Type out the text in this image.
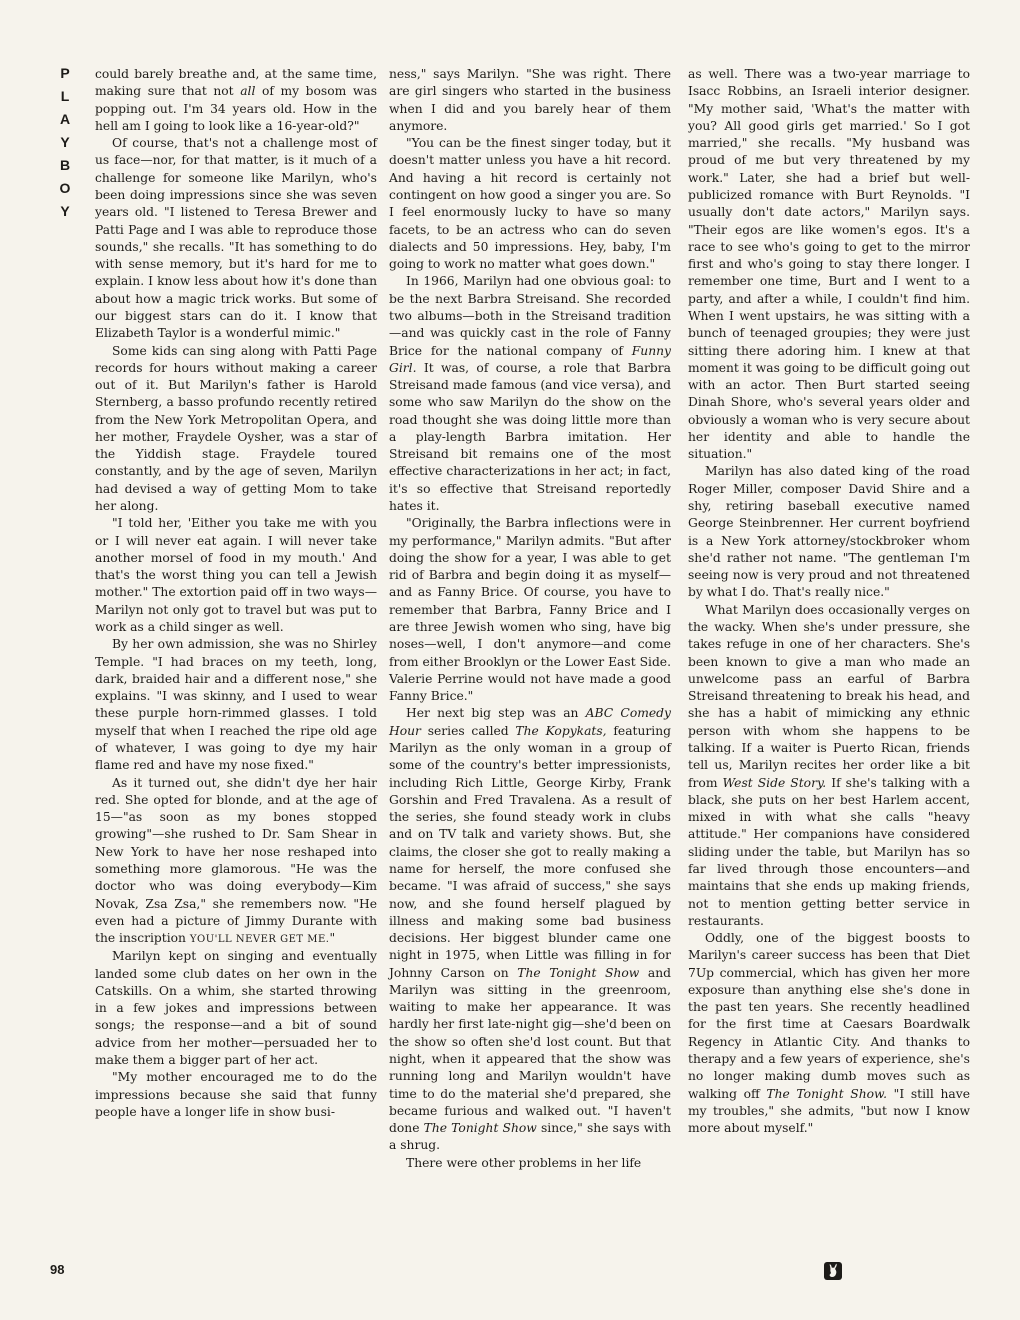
P
L
A
Y
B
O
Y

could barely breathe and, at the same time, making sure that not all of my bosom was popping out. I'm 34 years old. How in the hell am I going to look like a 16-year-old?"

Of course, that's not a challenge most of us face—nor, for that matter, is it much of a challenge for someone like Marilyn, who's been doing impressions since she was seven years old. "I listened to Teresa Brewer and Patti Page and I was able to reproduce those sounds," she recalls. "It has something to do with sense memory, but it's hard for me to explain. I know less about how it's done than about how a magic trick works. But some of our biggest stars can do it. I know that Elizabeth Taylor is a wonderful mimic."

Some kids can sing along with Patti Page records for hours without making a career out of it. But Marilyn's father is Harold Sternberg, a basso profundo recently retired from the New York Metropolitan Opera, and her mother, Fraydele Oysher, was a star of the Yiddish stage. Fraydele toured constantly, and by the age of seven, Marilyn had devised a way of getting Mom to take her along.

"I told her, 'Either you take me with you or I will never eat again. I will never take another morsel of food in my mouth.' And that's the worst thing you can tell a Jewish mother." The extortion paid off in two ways—Marilyn not only got to travel but was put to work as a child singer as well.

By her own admission, she was no Shirley Temple. "I had braces on my teeth, long, dark, braided hair and a different nose," she explains. "I was skinny, and I used to wear these purple horn-rimmed glasses. I told myself that when I reached the ripe old age of whatever, I was going to dye my hair flame red and have my nose fixed."

As it turned out, she didn't dye her hair red. She opted for blonde, and at the age of 15—"as soon as my bones stopped growing"—she rushed to Dr. Sam Shear in New York to have her nose reshaped into something more glamorous. "He was the doctor who was doing everybody—Kim Novak, Zsa Zsa," she remembers now. "He even had a picture of Jimmy Durante with the inscription YOU'LL NEVER GET ME."

Marilyn kept on singing and eventually landed some club dates on her own in the Catskills. On a whim, she started throwing in a few jokes and impressions between songs; the response—and a bit of sound advice from her mother—persuaded her to make them a bigger part of her act.

"My mother encouraged me to do the impressions because she said that funny people have a longer life in show busi-

ness," says Marilyn. "She was right. There are girl singers who started in the business when I did and you barely hear of them anymore.

"You can be the finest singer today, but it doesn't matter unless you have a hit record. And having a hit record is certainly not contingent on how good a singer you are. So I feel enormously lucky to have so many facets, to be an actress who can do seven dialects and 50 impressions. Hey, baby, I'm going to work no matter what goes down."

In 1966, Marilyn had one obvious goal: to be the next Barbra Streisand. She recorded two albums—both in the Streisand tradition—and was quickly cast in the role of Fanny Brice for the national company of Funny Girl. It was, of course, a role that Barbra Streisand made famous (and vice versa), and some who saw Marilyn do the show on the road thought she was doing little more than a play-length Barbra imitation. Her Streisand bit remains one of the most effective characterizations in her act; in fact, it's so effective that Streisand reportedly hates it.

"Originally, the Barbra inflections were in my performance," Marilyn admits. "But after doing the show for a year, I was able to get rid of Barbra and begin doing it as myself—and as Fanny Brice. Of course, you have to remember that Barbra, Fanny Brice and I are three Jewish women who sing, have big noses—well, I don't anymore—and come from either Brooklyn or the Lower East Side. Valerie Perrine would not have made a good Fanny Brice."

Her next big step was an ABC Comedy Hour series called The Kopykats, featuring Marilyn as the only woman in a group of some of the country's better impressionists, including Rich Little, George Kirby, Frank Gorshin and Fred Travalena. As a result of the series, she found steady work in clubs and on TV talk and variety shows. But, she claims, the closer she got to really making a name for herself, the more confused she became. "I was afraid of success," she says now, and she found herself plagued by illness and making some bad business decisions. Her biggest blunder came one night in 1975, when Little was filling in for Johnny Carson on The Tonight Show and Marilyn was sitting in the greenroom, waiting to make her appearance. It was hardly her first late-night gig—she'd been on the show so often she'd lost count. But that night, when it appeared that the show was running long and Marilyn wouldn't have time to do the material she'd prepared, she became furious and walked out. "I haven't done The Tonight Show since," she says with a shrug.

There were other problems in her life

as well. There was a two-year marriage to Isacc Robbins, an Israeli interior designer. "My mother said, 'What's the matter with you? All good girls get married.' So I got married," she recalls. "My husband was proud of me but very threatened by my work." Later, she had a brief but well-publicized romance with Burt Reynolds. "I usually don't date actors," Marilyn says. "Their egos are like women's egos. It's a race to see who's going to get to the mirror first and who's going to stay there longer. I remember one time, Burt and I went to a party, and after a while, I couldn't find him. When I went upstairs, he was sitting with a bunch of teenaged groupies; they were just sitting there adoring him. I knew at that moment it was going to be difficult going out with an actor. Then Burt started seeing Dinah Shore, who's several years older and obviously a woman who is very secure about her identity and able to handle the situation."

Marilyn has also dated king of the road Roger Miller, composer David Shire and a shy, retiring baseball executive named George Steinbrenner. Her current boyfriend is a New York attorney/stockbroker whom she'd rather not name. "The gentleman I'm seeing now is very proud and not threatened by what I do. That's really nice."

What Marilyn does occasionally verges on the wacky. When she's under pressure, she takes refuge in one of her characters. She's been known to give a man who made an unwelcome pass an earful of Barbra Streisand threatening to break his head, and she has a habit of mimicking any ethnic person with whom she happens to be talking. If a waiter is Puerto Rican, friends tell us, Marilyn recites her order like a bit from West Side Story. If she's talking with a black, she puts on her best Harlem accent, mixed in with what she calls "heavy attitude." Her companions have considered sliding under the table, but Marilyn has so far lived through those encounters—and maintains that she ends up making friends, not to mention getting better service in restaurants.

Oddly, one of the biggest boosts to Marilyn's career success has been that Diet 7Up commercial, which has given her more exposure than anything else she's done in the past ten years. She recently headlined for the first time at Caesars Boardwalk Regency in Atlantic City. And thanks to therapy and a few years of experience, she's no longer making dumb moves such as walking off The Tonight Show. "I still have my troubles," she admits, "but now I know more about myself."

98
